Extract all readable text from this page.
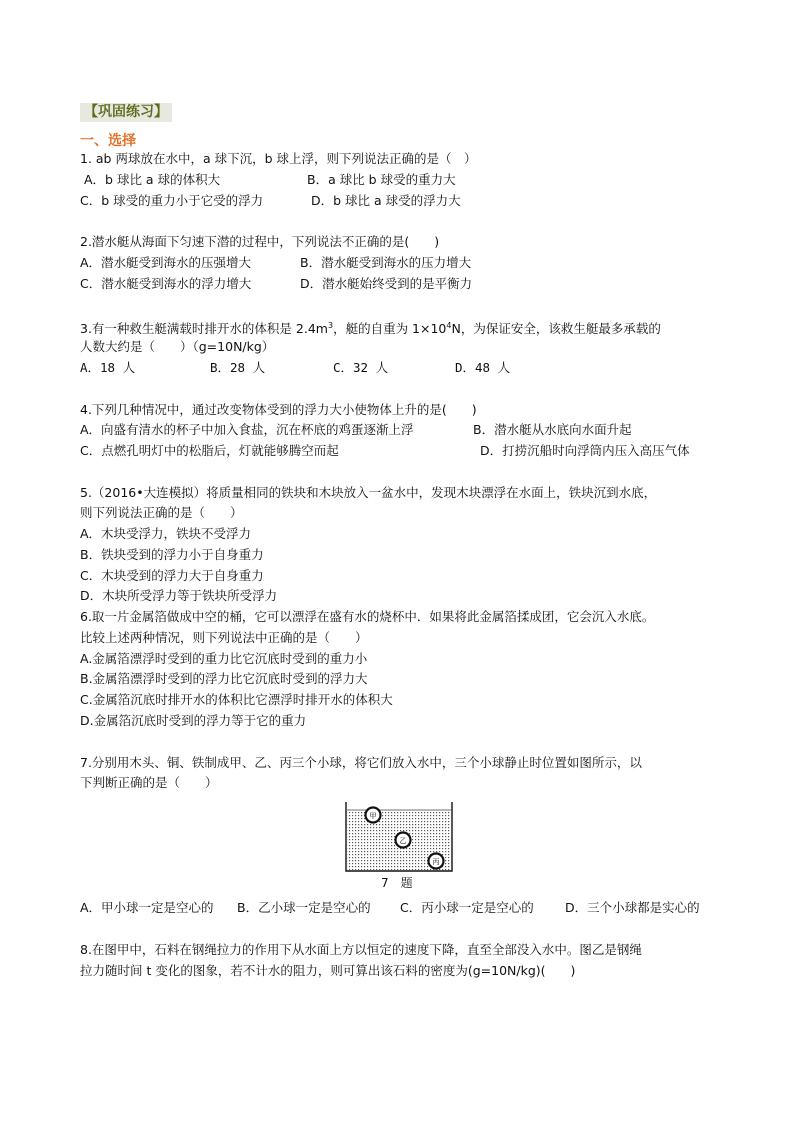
【巩固练习】
一、选择
1. ab 两球放在水中，a 球下沉，b 球上浮，则下列说法正确的是（　）
A．b 球比 a 球的体积大	B．a 球比 b 球受的重力大
C．b 球受的重力小于它受的浮力	D．b 球比 a 球受的浮力大
2.潜水艇从海面下匀速下潜的过程中，下列说法不正确的是(　　)
A．潜水艇受到海水的压强增大	B．潜水艇受到海水的压力增大
C．潜水艇受到海水的浮力增大	D．潜水艇始终受到的是平衡力
3.有一种救生艇满载时排开水的体积是 $2.4m^3$，艇的自重为 $1\times 10^4N$，为保证安全，该救生艇最多承载的
人数大约是（　　）（g=10N/kg）
A．18 人	B．28 人	C．32 人	D．48 人
4.下列几种情况中，通过改变物体受到的浮力大小使物体上升的是(　　)
A．向盛有清水的杯子中加入食盐，沉在杯底的鸡蛋逐渐上浮	B．潜水艇从水底向水面升起
C．点燃孔明灯中的松脂后，灯就能够腾空而起	D．打捞沉船时向浮筒内压入高压气体
5.（2016•大连模拟）将质量相同的铁块和木块放入一盆水中，发现木块漂浮在水面上，铁块沉到水底，
则下列说法正确的是（　　）
A．木块受浮力，铁块不受浮力
B．铁块受到的浮力小于自身重力
C．木块受到的浮力大于自身重力
D．木块所受浮力等于铁块所受浮力
6.取一片金属箔做成中空的桶，它可以漂浮在盛有水的烧杯中．如果将此金属箔揉成团，它会沉入水底。
比较上述两种情况，则下列说法中正确的是（　　）
A.金属箔漂浮时受到的重力比它沉底时受到的重力小
B.金属箔漂浮时受到的浮力比它沉底时受到的浮力大
C.金属箔沉底时排开水的体积比它漂浮时排开水的体积大
D.金属箔沉底时受到的浮力等于它的重力
7.分别用木头、铜、铁制成甲、乙、丙三个小球，将它们放入水中，三个小球静止时位置如图所示，以
下判断正确的是（　　）
甲
乙
丙
7　题
A．甲小球一定是空心的 B．乙小球一定是空心的 C．丙小球一定是空心的	D．三个小球都是实心的
8.在图甲中，石料在钢绳拉力的作用下从水面上方以恒定的速度下降，直至全部没入水中。图乙是钢绳
拉力随时间 t 变化的图象，若不计水的阻力，则可算出该石料的密度为(g=10N/kg)(　　)
